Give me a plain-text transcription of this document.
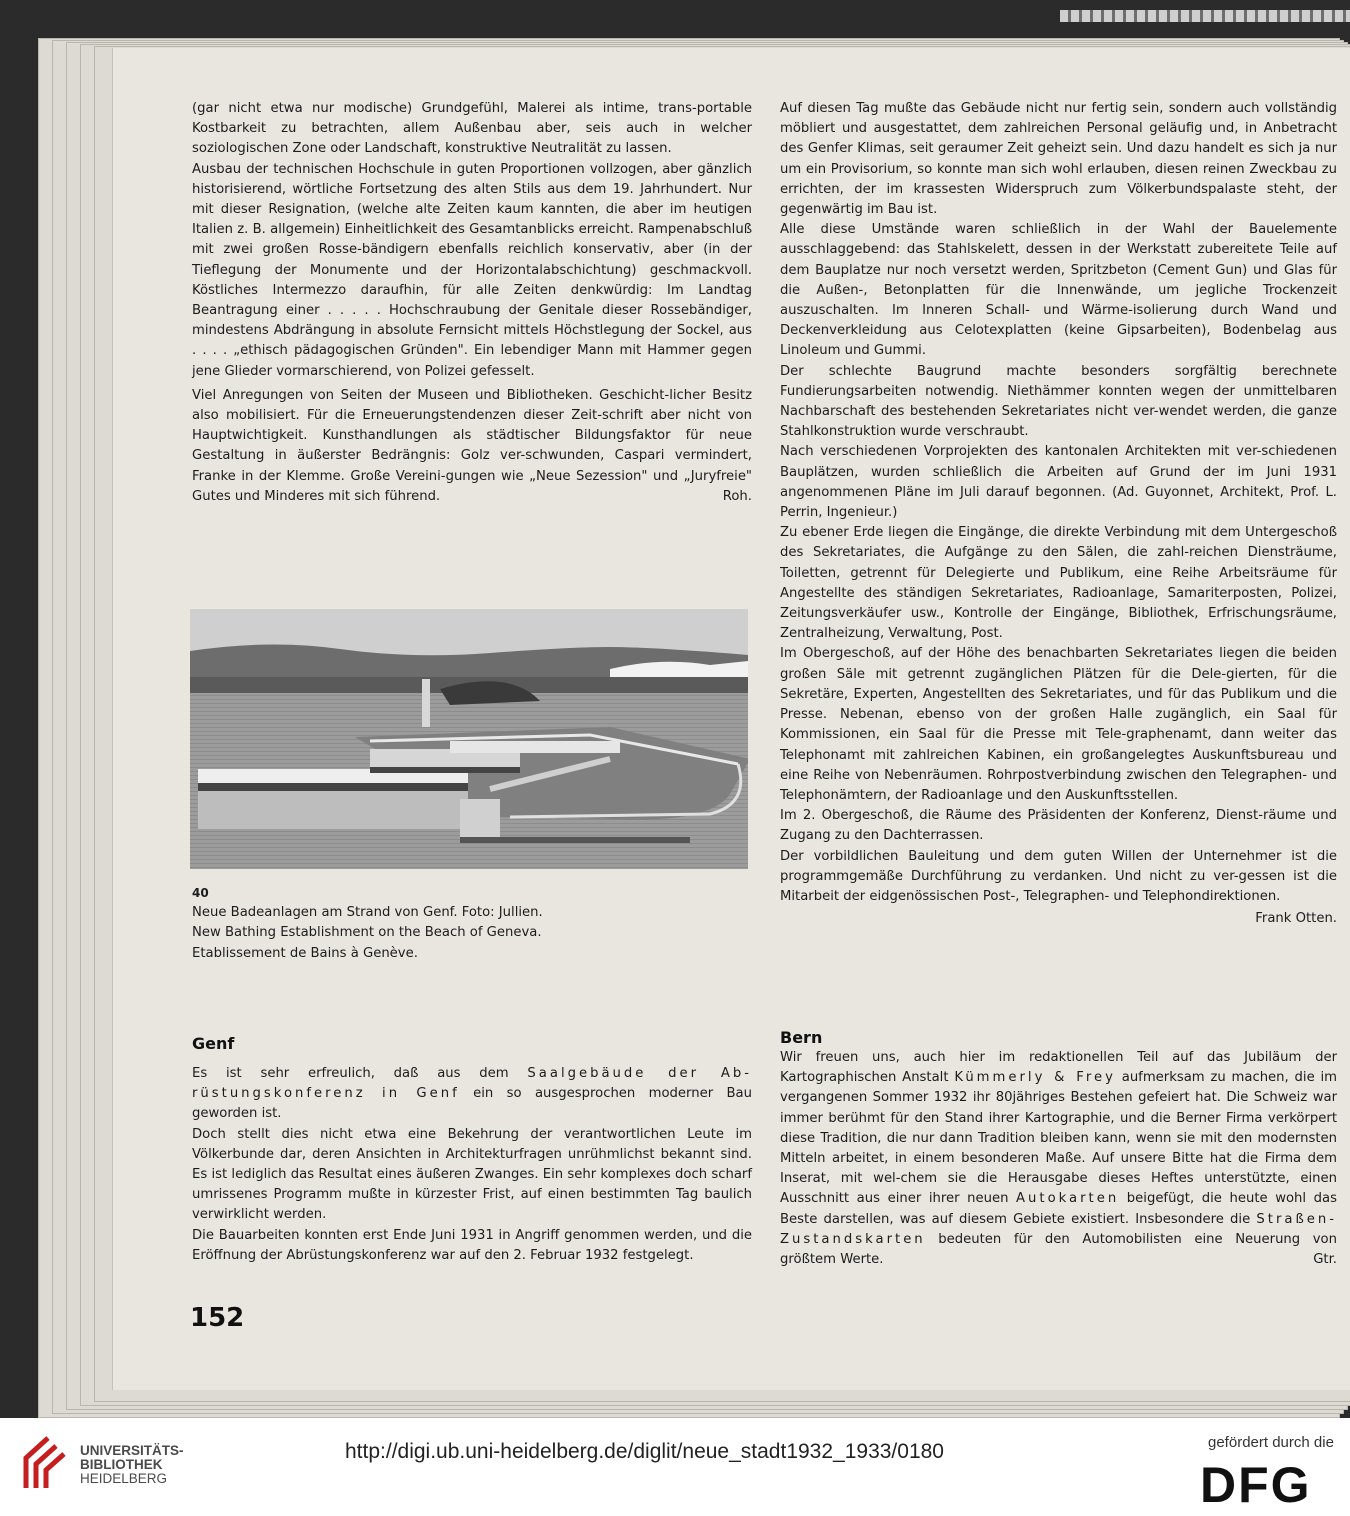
(gar nicht etwa nur modische) Grundgefühl, Malerei als intime, trans-portable Kostbarkeit zu betrachten, allem Außenbau aber, seis auch in welcher soziologischen Zone oder Landschaft, konstruktive Neutralität zu lassen.

Ausbau der technischen Hochschule in guten Proportionen vollzogen, aber gänzlich historisierend, wörtliche Fortsetzung des alten Stils aus dem 19. Jahrhundert. Nur mit dieser Resignation, (welche alte Zeiten kaum kannten, die aber im heutigen Italien z. B. allgemein) Einheitlichkeit des Gesamtanblicks erreicht. Rampenabschluß mit zwei großen Rosse-bändigern ebenfalls reichlich konservativ, aber (in der Tieflegung der Monumente und der Horizontalabschichtung) geschmackvoll. Köstliches Intermezzo daraufhin, für alle Zeiten denkwürdig: Im Landtag Beantragung einer . . . . . Hochschraubung der Genitale dieser Rossebändiger, mindestens Abdrängung in absolute Fernsicht mittels Höchstlegung der Sockel, aus . . . . „ethisch pädagogischen Gründen". Ein lebendiger Mann mit Hammer gegen jene Glieder vormarschierend, von Polizei gefesselt.

Viel Anregungen von Seiten der Museen und Bibliotheken. Geschicht-licher Besitz also mobilisiert. Für die Erneuerungstendenzen dieser Zeit-schrift aber nicht von Hauptwichtigkeit. Kunsthandlungen als städtischer Bildungsfaktor für neue Gestaltung in äußerster Bedrängnis: Golz ver-schwunden, Caspari vermindert, Franke in der Klemme. Große Vereini-gungen wie „Neue Sezession" und „Juryfreie" Gutes und Minderes mit sich führend.	Roh.

40
Neue Badeanlagen am Strand von Genf. Foto: Jullien.
New Bathing Establishment on the Beach of Geneva.
Etablissement de Bains à Genève.

Genf

Es ist sehr erfreulich, daß aus dem Saalgebäude der Ab-rüstungskonferenz in Genf ein so ausgesprochen moderner Bau geworden ist.

Doch stellt dies nicht etwa eine Bekehrung der verantwortlichen Leute im Völkerbunde dar, deren Ansichten in Architekturfragen unrühmlichst bekannt sind. Es ist lediglich das Resultat eines äußeren Zwanges. Ein sehr komplexes doch scharf umrissenes Programm mußte in kürzester Frist, auf einen bestimmten Tag baulich verwirklicht werden.

Die Bauarbeiten konnten erst Ende Juni 1931 in Angriff genommen werden, und die Eröffnung der Abrüstungskonferenz war auf den 2. Februar 1932 festgelegt.

152

Auf diesen Tag mußte das Gebäude nicht nur fertig sein, sondern auch vollständig möbliert und ausgestattet, dem zahlreichen Personal geläufig und, in Anbetracht des Genfer Klimas, seit geraumer Zeit geheizt sein. Und dazu handelt es sich ja nur um ein Provisorium, so konnte man sich wohl erlauben, diesen reinen Zweckbau zu errichten, der im krassesten Widerspruch zum Völkerbundspalaste steht, der gegenwärtig im Bau ist.

Alle diese Umstände waren schließlich in der Wahl der Bauelemente ausschlaggebend: das Stahlskelett, dessen in der Werkstatt zubereitete Teile auf dem Bauplatze nur noch versetzt werden, Spritzbeton (Cement Gun) und Glas für die Außen-, Betonplatten für die Innenwände, um jegliche Trockenzeit auszuschalten. Im Inneren Schall- und Wärme-isolierung durch Wand und Deckenverkleidung aus Celotexplatten (keine Gipsarbeiten), Bodenbelag aus Linoleum und Gummi.

Der schlechte Baugrund machte besonders sorgfältig berechnete Fundierungsarbeiten notwendig. Niethämmer konnten wegen der unmittelbaren Nachbarschaft des bestehenden Sekretariates nicht ver-wendet werden, die ganze Stahlkonstruktion wurde verschraubt.

Nach verschiedenen Vorprojekten des kantonalen Architekten mit ver-schiedenen Bauplätzen, wurden schließlich die Arbeiten auf Grund der im Juni 1931 angenommenen Pläne im Juli darauf begonnen. (Ad. Guyonnet, Architekt, Prof. L. Perrin, Ingenieur.)

Zu ebener Erde liegen die Eingänge, die direkte Verbindung mit dem Untergeschoß des Sekretariates, die Aufgänge zu den Sälen, die zahl-reichen Diensträume, Toiletten, getrennt für Delegierte und Publikum, eine Reihe Arbeitsräume für Angestellte des ständigen Sekretariates, Radioanlage, Samariterposten, Polizei, Zeitungsverkäufer usw., Kontrolle der Eingänge, Bibliothek, Erfrischungsräume, Zentralheizung, Verwaltung, Post.

Im Obergeschoß, auf der Höhe des benachbarten Sekretariates liegen die beiden großen Säle mit getrennt zugänglichen Plätzen für die Dele-gierten, für die Sekretäre, Experten, Angestellten des Sekretariates, und für das Publikum und die Presse. Nebenan, ebenso von der großen Halle zugänglich, ein Saal für Kommissionen, ein Saal für die Presse mit Tele-graphenamt, dann weiter das Telephonamt mit zahlreichen Kabinen, ein großangelegtes Auskunftsbureau und eine Reihe von Nebenräumen. Rohrpostverbindung zwischen den Telegraphen- und Telephonämtern, der Radioanlage und den Auskunftsstellen.

Im 2. Obergeschoß, die Räume des Präsidenten der Konferenz, Dienst-räume und Zugang zu den Dachterrassen.

Der vorbildlichen Bauleitung und dem guten Willen der Unternehmer ist die programmgemäße Durchführung zu verdanken. Und nicht zu ver-gessen ist die Mitarbeit der eidgenössischen Post-, Telegraphen- und Telephondirektionen.

Frank Otten.

Bern

Wir freuen uns, auch hier im redaktionellen Teil auf das Jubiläum der Kartographischen Anstalt Kümmerly & Frey aufmerksam zu machen, die im vergangenen Sommer 1932 ihr 80jähriges Bestehen gefeiert hat. Die Schweiz war immer berühmt für den Stand ihrer Kartographie, und die Berner Firma verkörpert diese Tradition, die nur dann Tradition bleiben kann, wenn sie mit den modernsten Mitteln arbeitet, in einem besonderen Maße. Auf unsere Bitte hat die Firma dem Inserat, mit wel-chem sie die Herausgabe dieses Heftes unterstützte, einen Ausschnitt aus einer ihrer neuen Autokarten beigefügt, die heute wohl das Beste darstellen, was auf diesem Gebiete existiert. Insbesondere die Straßen-Zustandskarten bedeuten für den Automobilisten eine Neuerung von größtem Werte.	Gtr.

UNIVERSITÄTS-
BIBLIOTHEK
HEIDELBERG
http://digi.ub.uni-heidelberg.de/diglit/neue_stadt1932_1933/0180	gefördert durch die
DFG
